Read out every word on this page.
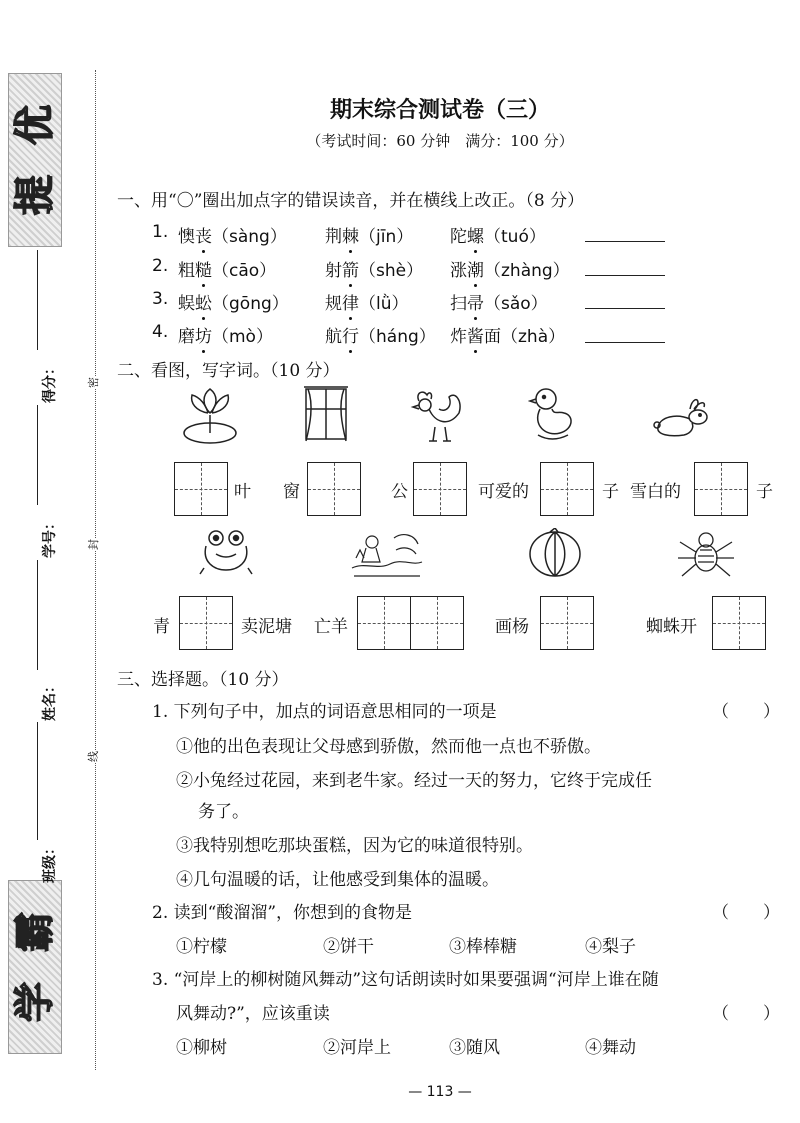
优
提
霸
学
得分：
学号：
姓名：
班级：
密
封
线
期末综合测试卷（三）
（考试时间：60 分钟　满分：100 分）
一、用“〇”圈出加点字的错误读音，并在横线上改正。（8 分）
1. 懊丧（sàng） 荆棘（jīn） 陀螺（tuó）
2. 粗糙（cāo）	射箭（shè） 涨潮（zhàng）
3. 蜈蚣（gōng） 规律（lǜ） 扫帚（sǎo）
4. 磨坊（mò）	航行（háng） 炸酱面（zhà）
二、看图，写字词。（10 分）
叶 窗	公	可爱的	子 雪白的	子
青	卖泥塘 亡羊	画杨	蜘蛛开
三、选择题。（10 分）
1. 下列句子中，加点的词语意思相同的一项是	（　　）
①他的出色表现让父母感到骄傲，然而他一点也不骄傲。
②小兔经过花园，来到老牛家。经过一天的努力，它终于完成任
务了。
③我特别想吃那块蛋糕，因为它的味道很特别。
④几句温暖的话，让他感受到集体的温暖。
2. 读到“酸溜溜”，你想到的食物是	（　　）
①柠檬	②饼干	③棒棒糖	④梨子
3. “河岸上的柳树随风舞动”这句话朗读时如果要强调“河岸上谁在随
风舞动?”，应该重读	（　　）
①柳树	②河岸上	③随风	④舞动
— 113 —
